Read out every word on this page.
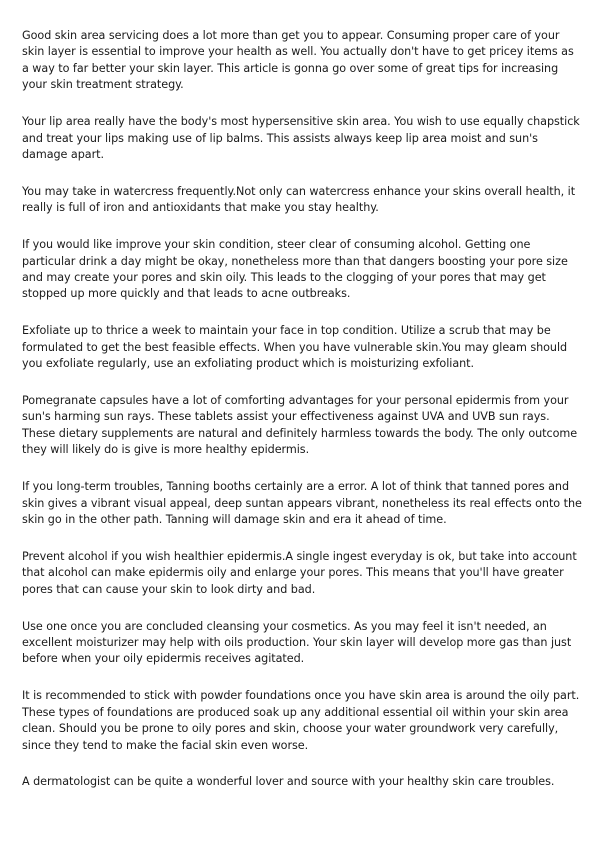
Good skin area servicing does a lot more than get you to appear. Consuming proper care of your skin layer is essential to improve your health as well. You actually don't have to get pricey items as a way to far better your skin layer. This article is gonna go over some of great tips for increasing your skin treatment strategy.

Your lip area really have the body's most hypersensitive skin area. You wish to use equally chapstick and treat your lips making use of lip balms. This assists always keep lip area moist and sun's damage apart.

You may take in watercress frequently.Not only can watercress enhance your skins overall health, it really is full of iron and antioxidants that make you stay healthy.

If you would like improve your skin condition, steer clear of consuming alcohol. Getting one particular drink a day might be okay, nonetheless more than that dangers boosting your pore size and may create your pores and skin oily. This leads to the clogging of your pores that may get stopped up more quickly and that leads to acne outbreaks.

Exfoliate up to thrice a week to maintain your face in top condition. Utilize a scrub that may be formulated to get the best feasible effects. When you have vulnerable skin.You may gleam should you exfoliate regularly, use an exfoliating product which is moisturizing exfoliant.

Pomegranate capsules have a lot of comforting advantages for your personal epidermis from your sun's harming sun rays. These tablets assist your effectiveness against UVA and UVB sun rays. These dietary supplements are natural and definitely harmless towards the body. The only outcome they will likely do is give is more healthy epidermis.

If you long-term troubles, Tanning booths certainly are a error. A lot of think that tanned pores and skin gives a vibrant visual appeal, deep suntan appears vibrant, nonetheless its real effects onto the skin go in the other path. Tanning will damage skin and era it ahead of time.

Prevent alcohol if you wish healthier epidermis.A single ingest everyday is ok, but take into account that alcohol can make epidermis oily and enlarge your pores. This means that you'll have greater pores that can cause your skin to look dirty and bad.

Use one once you are concluded cleansing your cosmetics. As you may feel it isn't needed, an excellent moisturizer may help with oils production. Your skin layer will develop more gas than just before when your oily epidermis receives agitated.

It is recommended to stick with powder foundations once you have skin area is around the oily part. These types of foundations are produced soak up any additional essential oil within your skin area clean. Should you be prone to oily pores and skin, choose your water groundwork very carefully, since they tend to make the facial skin even worse.

A dermatologist can be quite a wonderful lover and source with your healthy skin care troubles.
